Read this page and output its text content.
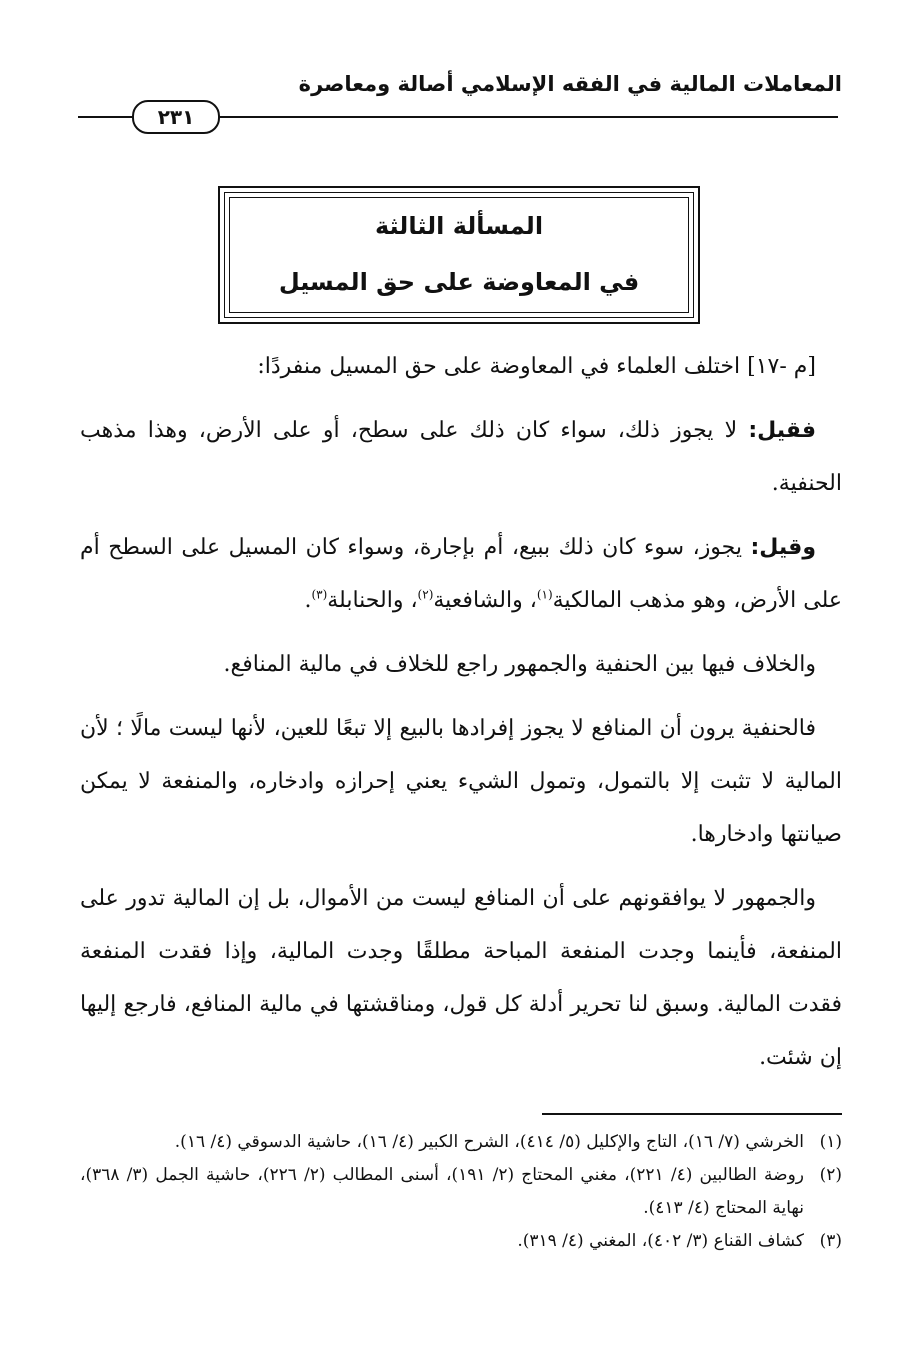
المعاملات المالية في الفقه الإسلامي أصالة ومعاصرة
٢٣١
المسألة الثالثة
في المعاوضة على حق المسيل

[م -١٧] اختلف العلماء في المعاوضة على حق المسيل منفردًا:

فقيل: لا يجوز ذلك، سواء كان ذلك على سطح، أو على الأرض، وهذا مذهب الحنفية.

وقيل: يجوز، سوء كان ذلك ببيع، أم بإجارة، وسواء كان المسيل على السطح أم على الأرض، وهو مذهب المالكية$^{(١)}$، والشافعية$^{(٢)}$، والحنابلة$^{(٣)}$.

والخلاف فيها بين الحنفية والجمهور راجع للخلاف في مالية المنافع.

فالحنفية يرون أن المنافع لا يجوز إفرادها بالبيع إلا تبعًا للعين، لأنها ليست مالًا ؛ لأن المالية لا تثبت إلا بالتمول، وتمول الشيء يعني إحرازه وادخاره، والمنفعة لا يمكن صيانتها وادخارها.

والجمهور لا يوافقونهم على أن المنافع ليست من الأموال، بل إن المالية تدور على المنفعة، فأينما وجدت المنفعة المباحة مطلقًا وجدت المالية، وإذا فقدت المنفعة فقدت المالية. وسبق لنا تحرير أدلة كل قول، ومناقشتها في مالية المنافع، فارجع إليها إن شئت.

(١)الخرشي (٧/ ١٦)، التاج والإكليل (٥/ ٤١٤)، الشرح الكبير (٤/ ١٦)، حاشية الدسوقي (٤/ ١٦).

(٢)روضة الطالبين (٤/ ٢٢١)، مغني المحتاج (٢/ ١٩١)، أسنى المطالب (٢/ ٢٢٦)، حاشية الجمل (٣/ ٣٦٨)، نهاية المحتاج (٤/ ٤١٣).

(٣)كشاف القناع (٣/ ٤٠٢)، المغني (٤/ ٣١٩).
